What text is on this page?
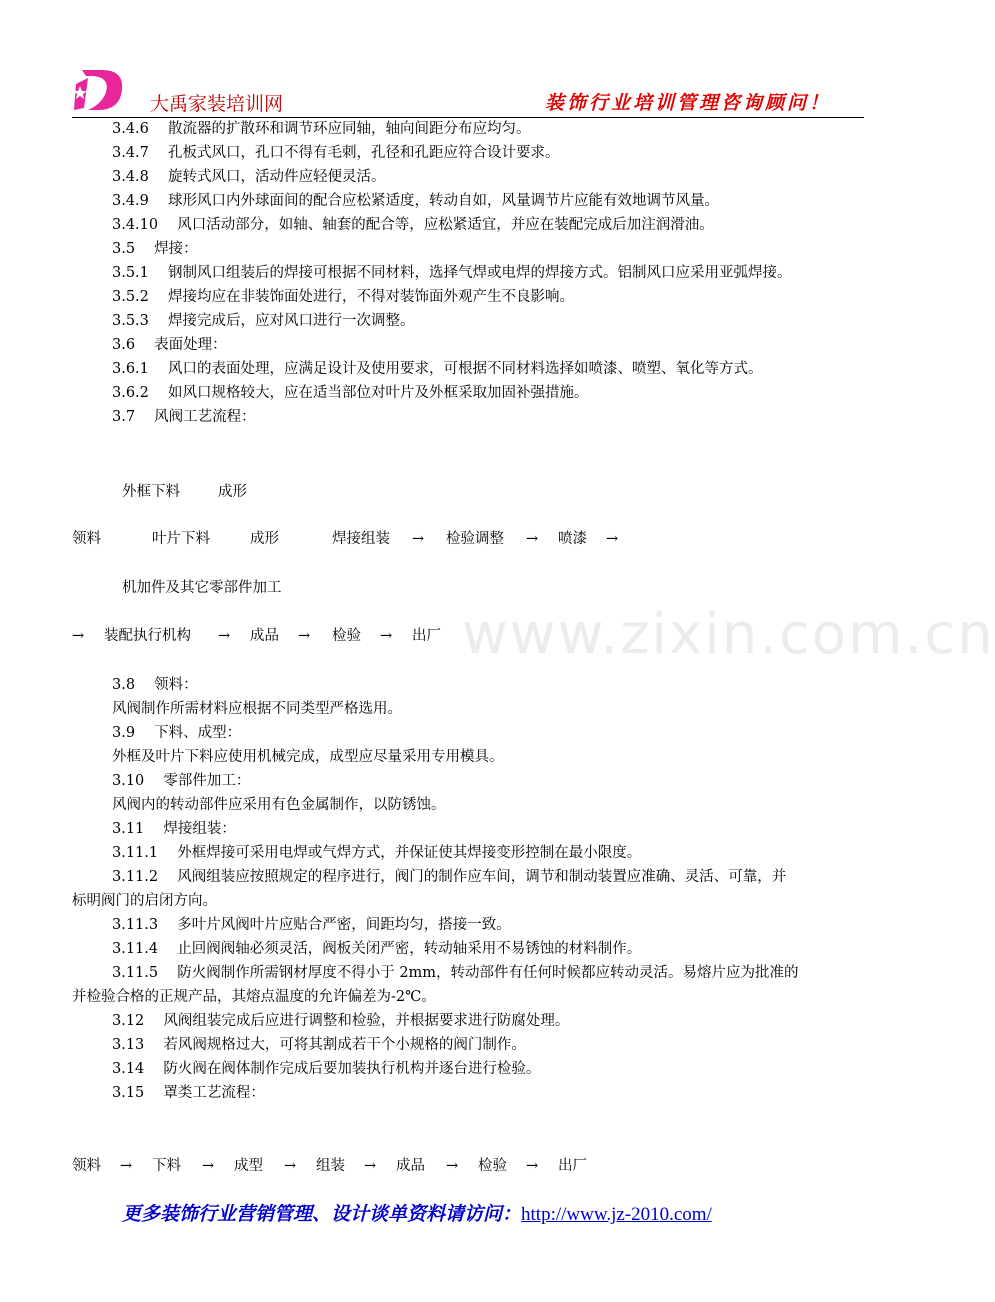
大禹家装培训网	装饰行业培训管理咨询顾问！
www.zixin.com.cn
3.4.6　 散流器的扩散环和调节环应同轴，轴向间距分布应均匀。
3.4.7　 孔板式风口，孔口不得有毛刺，孔径和孔距应符合设计要求。
3.4.8　 旋转式风口，活动件应轻便灵活。
3.4.9　 球形风口内外球面间的配合应松紧适度，转动自如，风量调节片应能有效地调节风量。
3.4.10　 风口活动部分，如轴、轴套的配合等，应松紧适宜，并应在装配完成后加注润滑油。
3.5　 焊接：
3.5.1　 钢制风口组装后的焊接可根据不同材料，选择气焊或电焊的焊接方式。铝制风口应采用亚弧焊接。
3.5.2　 焊接均应在非装饰面处进行，不得对装饰面外观产生不良影响。
3.5.3　 焊接完成后，应对风口进行一次调整。
3.6　 表面处理：
3.6.1　 风口的表面处理，应满足设计及使用要求，可根据不同材料选择如喷漆、喷塑、氧化等方式。
3.6.2　 如风口规格较大，应在适当部位对叶片及外框采取加固补强措施。
3.7　 风阀工艺流程：
外框下料	成形
领料	叶片下料	成形	焊接组装 → 检验调整 → 喷漆 →
机加件及其它零部件加工
→ 装配执行机构 → 成品 → 检验 → 出厂
3.8　 领料：
风阀制作所需材料应根据不同类型严格选用。
3.9　 下料、成型：
外框及叶片下料应使用机械完成，成型应尽量采用专用模具。
3.10　 零部件加工：
风阀内的转动部件应采用有色金属制作，以防锈蚀。
3.11　 焊接组装：
3.11.1　 外框焊接可采用电焊或气焊方式，并保证使其焊接变形控制在最小限度。
3.11.2　 风阀组装应按照规定的程序进行，阀门的制作应车间，调节和制动装置应准确、灵活、可靠，并
标明阀门的启闭方向。
3.11.3　 多叶片风阀叶片应贴合严密，间距均匀，搭接一致。
3.11.4　 止回阀阀轴必须灵活，阀板关闭严密，转动轴采用不易锈蚀的材料制作。
3.11.5　 防火阀制作所需钢材厚度不得小于 2mm，转动部件有任何时候都应转动灵活。易熔片应为批准的
并检验合格的正规产品，其熔点温度的允许偏差为-2℃。
3.12　 风阀组装完成后应进行调整和检验，并根据要求进行防腐处理。
3.13　 若风阀规格过大，可将其割成若干个小规格的阀门制作。
3.14　 防火阀在阀体制作完成后要加装执行机构并逐台进行检验。
3.15　 罩类工艺流程：
领料 → 下料 → 成型 → 组装 → 成品 → 检验 → 出厂
更多装饰行业营销管理、设计谈单资料请访问：http://www.jz-2010.com/
